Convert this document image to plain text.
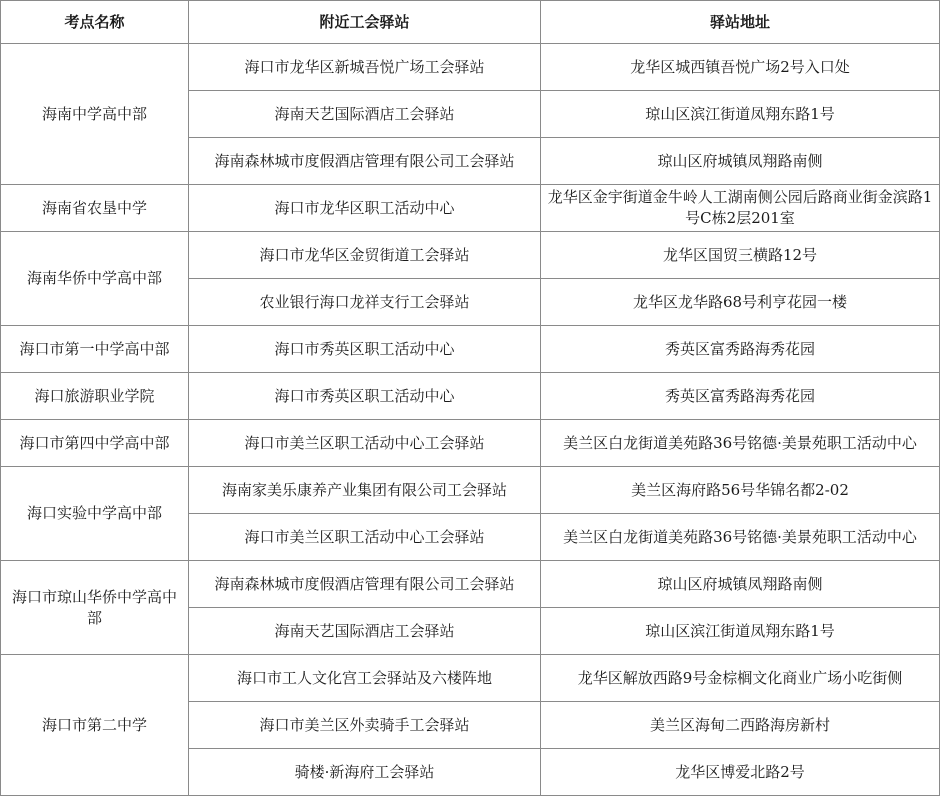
考点名称	附近工会驿站	驿站地址
海南中学高中部	海口市龙华区新城吾悦广场工会驿站	龙华区城西镇吾悦广场2号入口处
	海南天艺国际酒店工会驿站	琼山区滨江街道凤翔东路1号
	海南森林城市度假酒店管理有限公司工会驿站	琼山区府城镇凤翔路南侧
海南省农垦中学	海口市龙华区职工活动中心	龙华区金宇街道金牛岭人工湖南侧公园后路商业街金滨路1号C栋2层201室
海南华侨中学高中部	海口市龙华区金贸街道工会驿站	龙华区国贸三横路12号
	农业银行海口龙祥支行工会驿站	龙华区龙华路68号利亨花园一楼
海口市第一中学高中部	海口市秀英区职工活动中心	秀英区富秀路海秀花园
海口旅游职业学院	海口市秀英区职工活动中心	秀英区富秀路海秀花园
海口市第四中学高中部	海口市美兰区职工活动中心工会驿站	美兰区白龙街道美苑路36号铭德·美景苑职工活动中心
海口实验中学高中部	海南家美乐康养产业集团有限公司工会驿站	美兰区海府路56号华锦名都2-02
	海口市美兰区职工活动中心工会驿站	美兰区白龙街道美苑路36号铭德·美景苑职工活动中心
海口市琼山华侨中学高中部	海南森林城市度假酒店管理有限公司工会驿站	琼山区府城镇凤翔路南侧
	海南天艺国际酒店工会驿站	琼山区滨江街道凤翔东路1号
海口市第二中学	海口市工人文化宫工会驿站及六楼阵地	龙华区解放西路9号金棕榈文化商业广场小吃街侧
	海口市美兰区外卖骑手工会驿站	美兰区海甸二西路海房新村
	骑楼·新海府工会驿站	龙华区博爱北路2号
